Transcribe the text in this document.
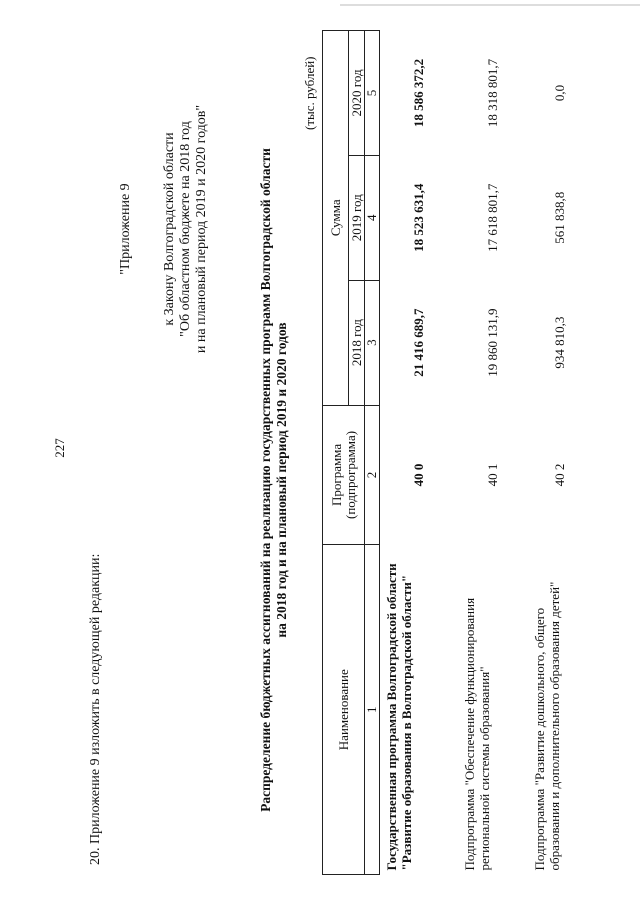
227
20. Приложение 9 изложить в следующей редакции:
"Приложение 9 к Закону Волгоградской области "Об областном бюджете на 2018 год и на плановый период 2019 и 2020 годов"	Распределение бюджетных ассигнований на реализацию государственных программ Волгоградской области на 2018 год и на плановый период 2019 и 2020 годов
(тыс. рублей)
Наименование	Программа (подпрограмма)	Сумма		
		2018 год	2019 год	2020 год
1	2	3	4	5
Государственная программа Волгоградской области "Развитие образования в Волгоградской области"	40 0	21 416 689,7	18 523 631,4	18 586 372,2
Подпрограмма "Обеспечение функционирования региональной системы образования"	40 1	19 860 131,9	17 618 801,7	18 318 801,7
Подпрограмма "Развитие дошкольного, общего образования и дополнительного образования детей"	40 2	934 810,3	561 838,8	0,0
